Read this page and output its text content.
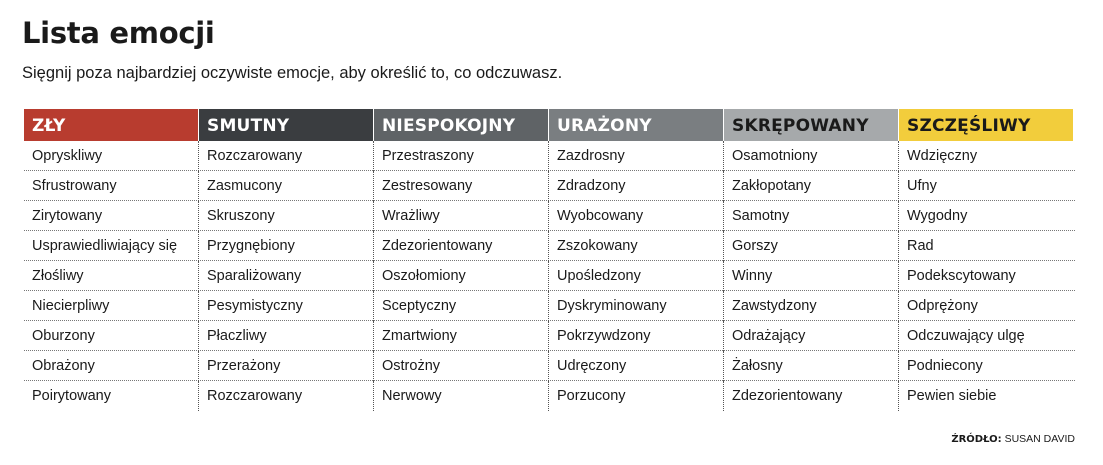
Lista emocji
Sięgnij poza najbardziej oczywiste emocje, aby określić to, co odczuwasz.
ZŁY	SMUTNY	NIESPOKOJNY	URAŻONY	SKRĘPOWANY	SZCZĘŚLIWY
Opryskliwy	Rozczarowany	Przestraszony	Zazdrosny	Osamotniony	Wdzięczny
Sfrustrowany	Zasmucony	Zestresowany	Zdradzony	Zakłopotany	Ufny
Zirytowany	Skruszony	Wrażliwy	Wyobcowany	Samotny	Wygodny
Usprawiedliwiający się	Przygnębiony	Zdezorientowany	Zszokowany	Gorszy	Rad
Złośliwy	Sparaliżowany	Oszołomiony	Upośledzony	Winny	Podekscytowany
Niecierpliwy	Pesymistyczny	Sceptyczny	Dyskryminowany	Zawstydzony	Odprężony
Oburzony	Płaczliwy	Zmartwiony	Pokrzywdzony	Odrażający	Odczuwający ulgę
Obrażony	Przerażony	Ostrożny	Udręczony	Żałosny	Podniecony
Poirytowany	Rozczarowany	Nerwowy	Porzucony	Zdezorientowany	Pewien siebie
ŹRÓDŁO: SUSAN DAVID
